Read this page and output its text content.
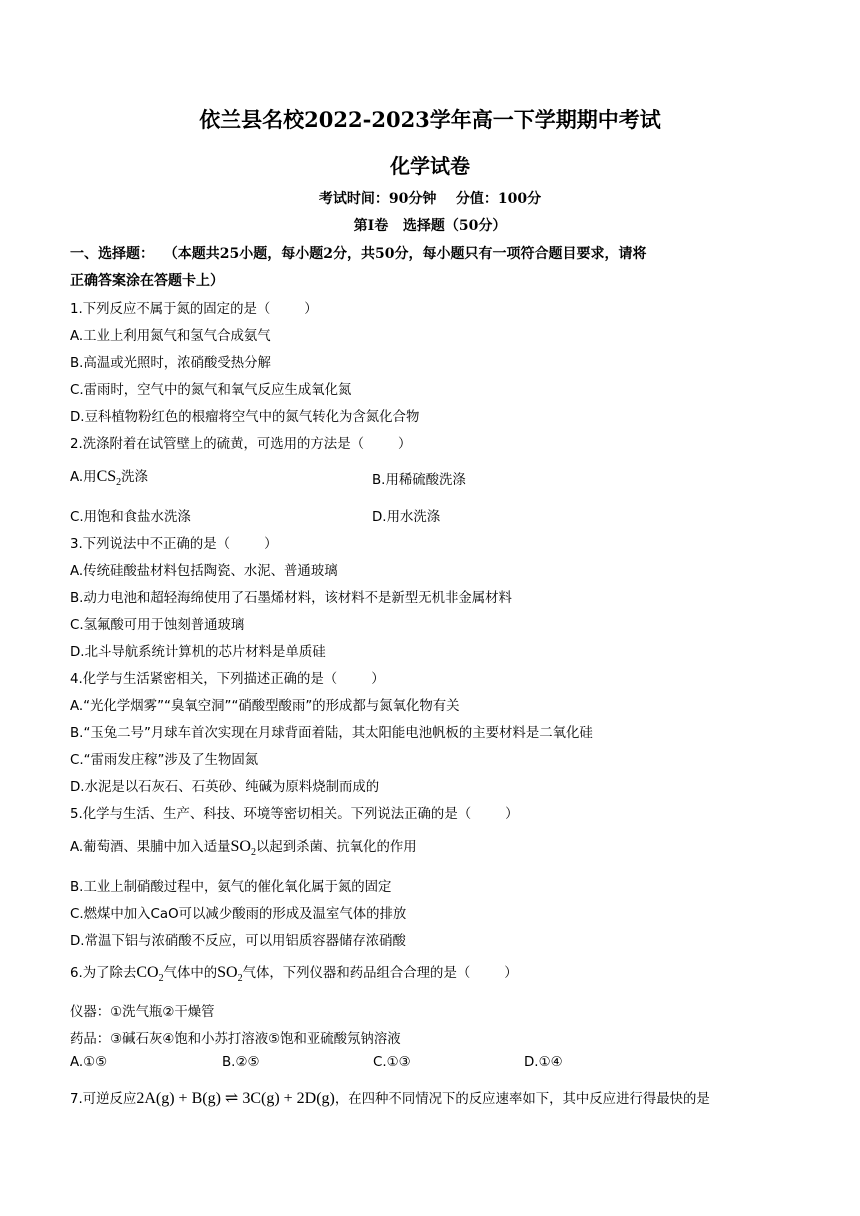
依兰县名校2022-2023学年高一下学期期中考试
化学试卷
考试时间：90分钟    分值：100分
第Ⅰ卷   选择题（50分）
一、选择题：  （本题共25小题，每小题2分，共50分，每小题只有一项符合题目要求，请将
正确答案涂在答题卡上）
1.下列反应不属于氮的固定的是（        ）
A.工业上利用氮气和氢气合成氨气
B.高温或光照时，浓硝酸受热分解
C.雷雨时，空气中的氮气和氧气反应生成氧化氮
D.豆科植物粉红色的根瘤将空气中的氮气转化为含氮化合物
2.洗涤附着在试管壁上的硫黄，可选用的方法是（        ）
A.用$CS_2$洗涤	B.用稀硫酸洗涤
C.用饱和食盐水洗涤	D.用水洗涤
3.下列说法中不正确的是（        ）
A.传统硅酸盐材料包括陶瓷、水泥、普通玻璃
B.动力电池和超轻海绵使用了石墨烯材料，该材料不是新型无机非金属材料
C.氢氟酸可用于蚀刻普通玻璃
D.北斗导航系统计算机的芯片材料是单质硅
4.化学与生活紧密相关，下列描述正确的是（        ）
A.“光化学烟雾”“臭氧空洞”“硝酸型酸雨”的形成都与氮氧化物有关
B.“玉兔二号”月球车首次实现在月球背面着陆，其太阳能电池帆板的主要材料是二氧化硅
C.“雷雨发庄稼”涉及了生物固氮
D.水泥是以石灰石、石英砂、纯碱为原料烧制而成的
5.化学与生活、生产、科技、环境等密切相关。下列说法正确的是（        ）
A.葡萄酒、果脯中加入适量$SO_2$以起到杀菌、抗氧化的作用
B.工业上制硝酸过程中，氨气的催化氧化属于氮的固定
C.燃煤中加入CaO可以减少酸雨的形成及温室气体的排放
D.常温下铝与浓硝酸不反应，可以用铝质容器储存浓硝酸
6.为了除去$CO_2$气体中的$SO_2$气体，下列仪器和药品组合合理的是（        ）
仪器：①洗气瓶②干燥管
药品：③碱石灰④饱和小苏打溶液⑤饱和亚硫酸氖钠溶液
A.①⑤	B.②⑤	C.①③	D.①④
7.可逆反应2A(g) + B(g) ⇌ 3C(g) + 2D(g)，在四种不同情况下的反应速率如下，其中反应进行得最快的是
